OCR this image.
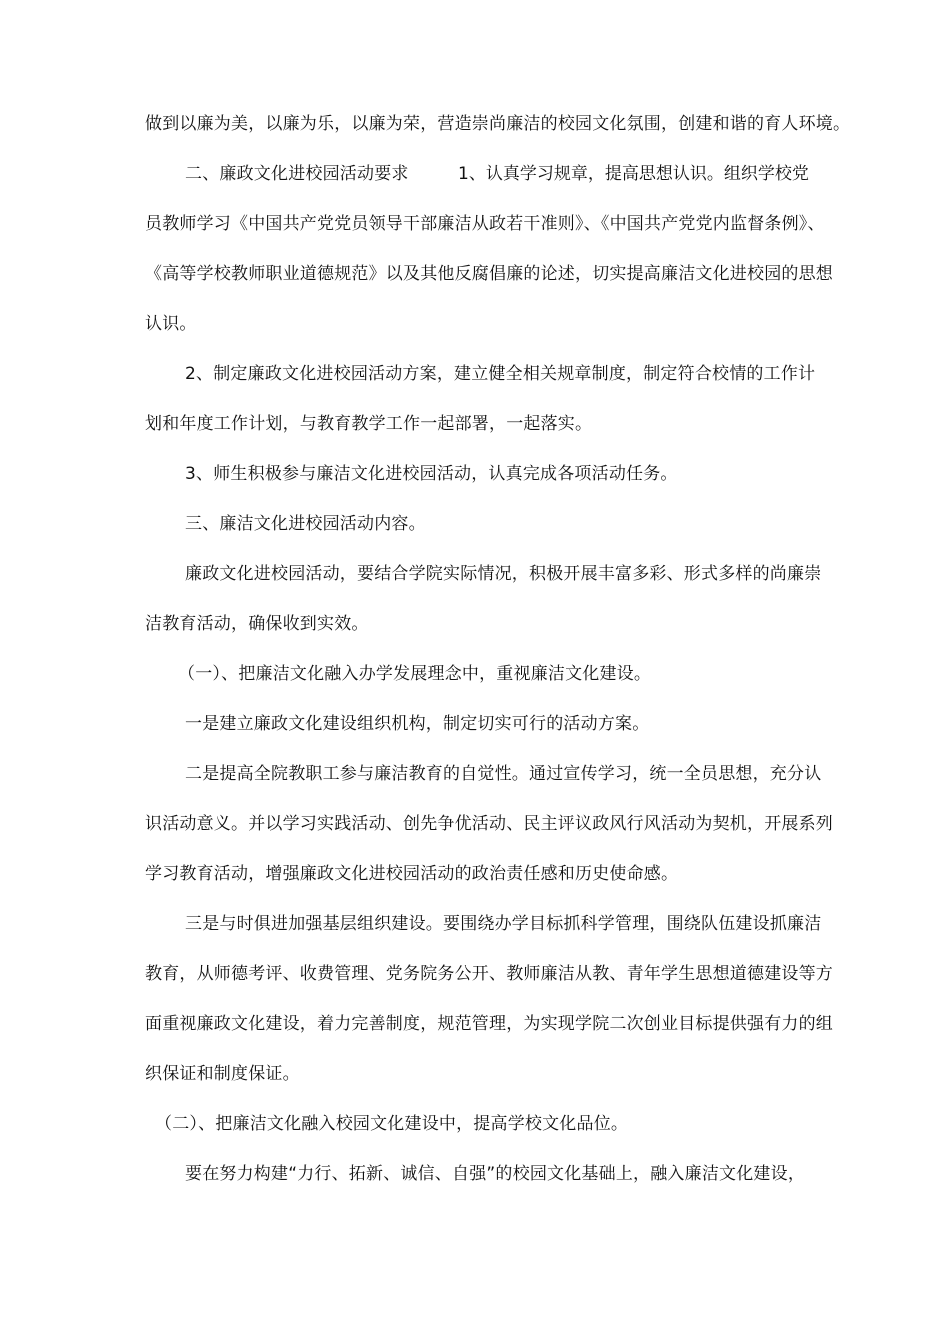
做到以廉为美，以廉为乐，以廉为荣，营造崇尚廉洁的校园文化氛围，创建和谐的育人环境。
二、廉政文化进校园活动要求	1、认真学习规章，提高思想认识。组织学校党
员教师学习《中国共产党党员领导干部廉洁从政若干准则》、《中国共产党党内监督条例》、
《高等学校教师职业道德规范》以及其他反腐倡廉的论述，切实提高廉洁文化进校园的思想
认识。
2、制定廉政文化进校园活动方案，建立健全相关规章制度，制定符合校情的工作计
划和年度工作计划，与教育教学工作一起部署，一起落实。
3、师生积极参与廉洁文化进校园活动，认真完成各项活动任务。
三、廉洁文化进校园活动内容。
廉政文化进校园活动，要结合学院实际情况，积极开展丰富多彩、形式多样的尚廉崇
洁教育活动，确保收到实效。
（一）、把廉洁文化融入办学发展理念中，重视廉洁文化建设。
一是建立廉政文化建设组织机构，制定切实可行的活动方案。
二是提高全院教职工参与廉洁教育的自觉性。通过宣传学习，统一全员思想，充分认
识活动意义。并以学习实践活动、创先争优活动、民主评议政风行风活动为契机，开展系列
学习教育活动，增强廉政文化进校园活动的政治责任感和历史使命感。
三是与时俱进加强基层组织建设。要围绕办学目标抓科学管理，围绕队伍建设抓廉洁
教育，从师德考评、收费管理、党务院务公开、教师廉洁从教、青年学生思想道德建设等方
面重视廉政文化建设，着力完善制度，规范管理，为实现学院二次创业目标提供强有力的组
织保证和制度保证。
（二）、把廉洁文化融入校园文化建设中，提高学校文化品位。
要在努力构建“力行、拓新、诚信、自强”的校园文化基础上，融入廉洁文化建设，
